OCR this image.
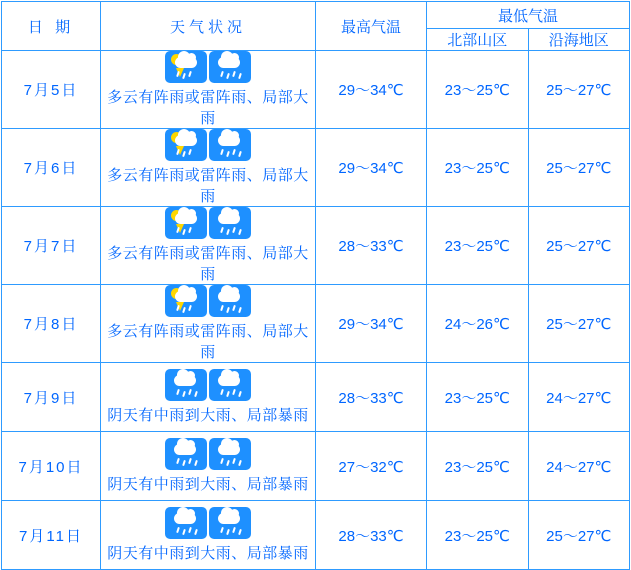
日 期	天气状况	最高气温	最低气温	
			北部山区	沿海地区
7月5日	多云有阵雨或雷阵雨、局部大雨	29～34℃	23～25℃	25～27℃
7月6日	多云有阵雨或雷阵雨、局部大雨	29～34℃	23～25℃	25～27℃
7月7日	多云有阵雨或雷阵雨、局部大雨	28～33℃	23～25℃	25～27℃
7月8日	多云有阵雨或雷阵雨、局部大雨	29～34℃	24～26℃	25～27℃
7月9日	阴天有中雨到大雨、局部暴雨	28～33℃	23～25℃	24～27℃
7月10日	阴天有中雨到大雨、局部暴雨	27～32℃	23～25℃	24～27℃
7月11日	阴天有中雨到大雨、局部暴雨	28～33℃	23～25℃	25～27℃
